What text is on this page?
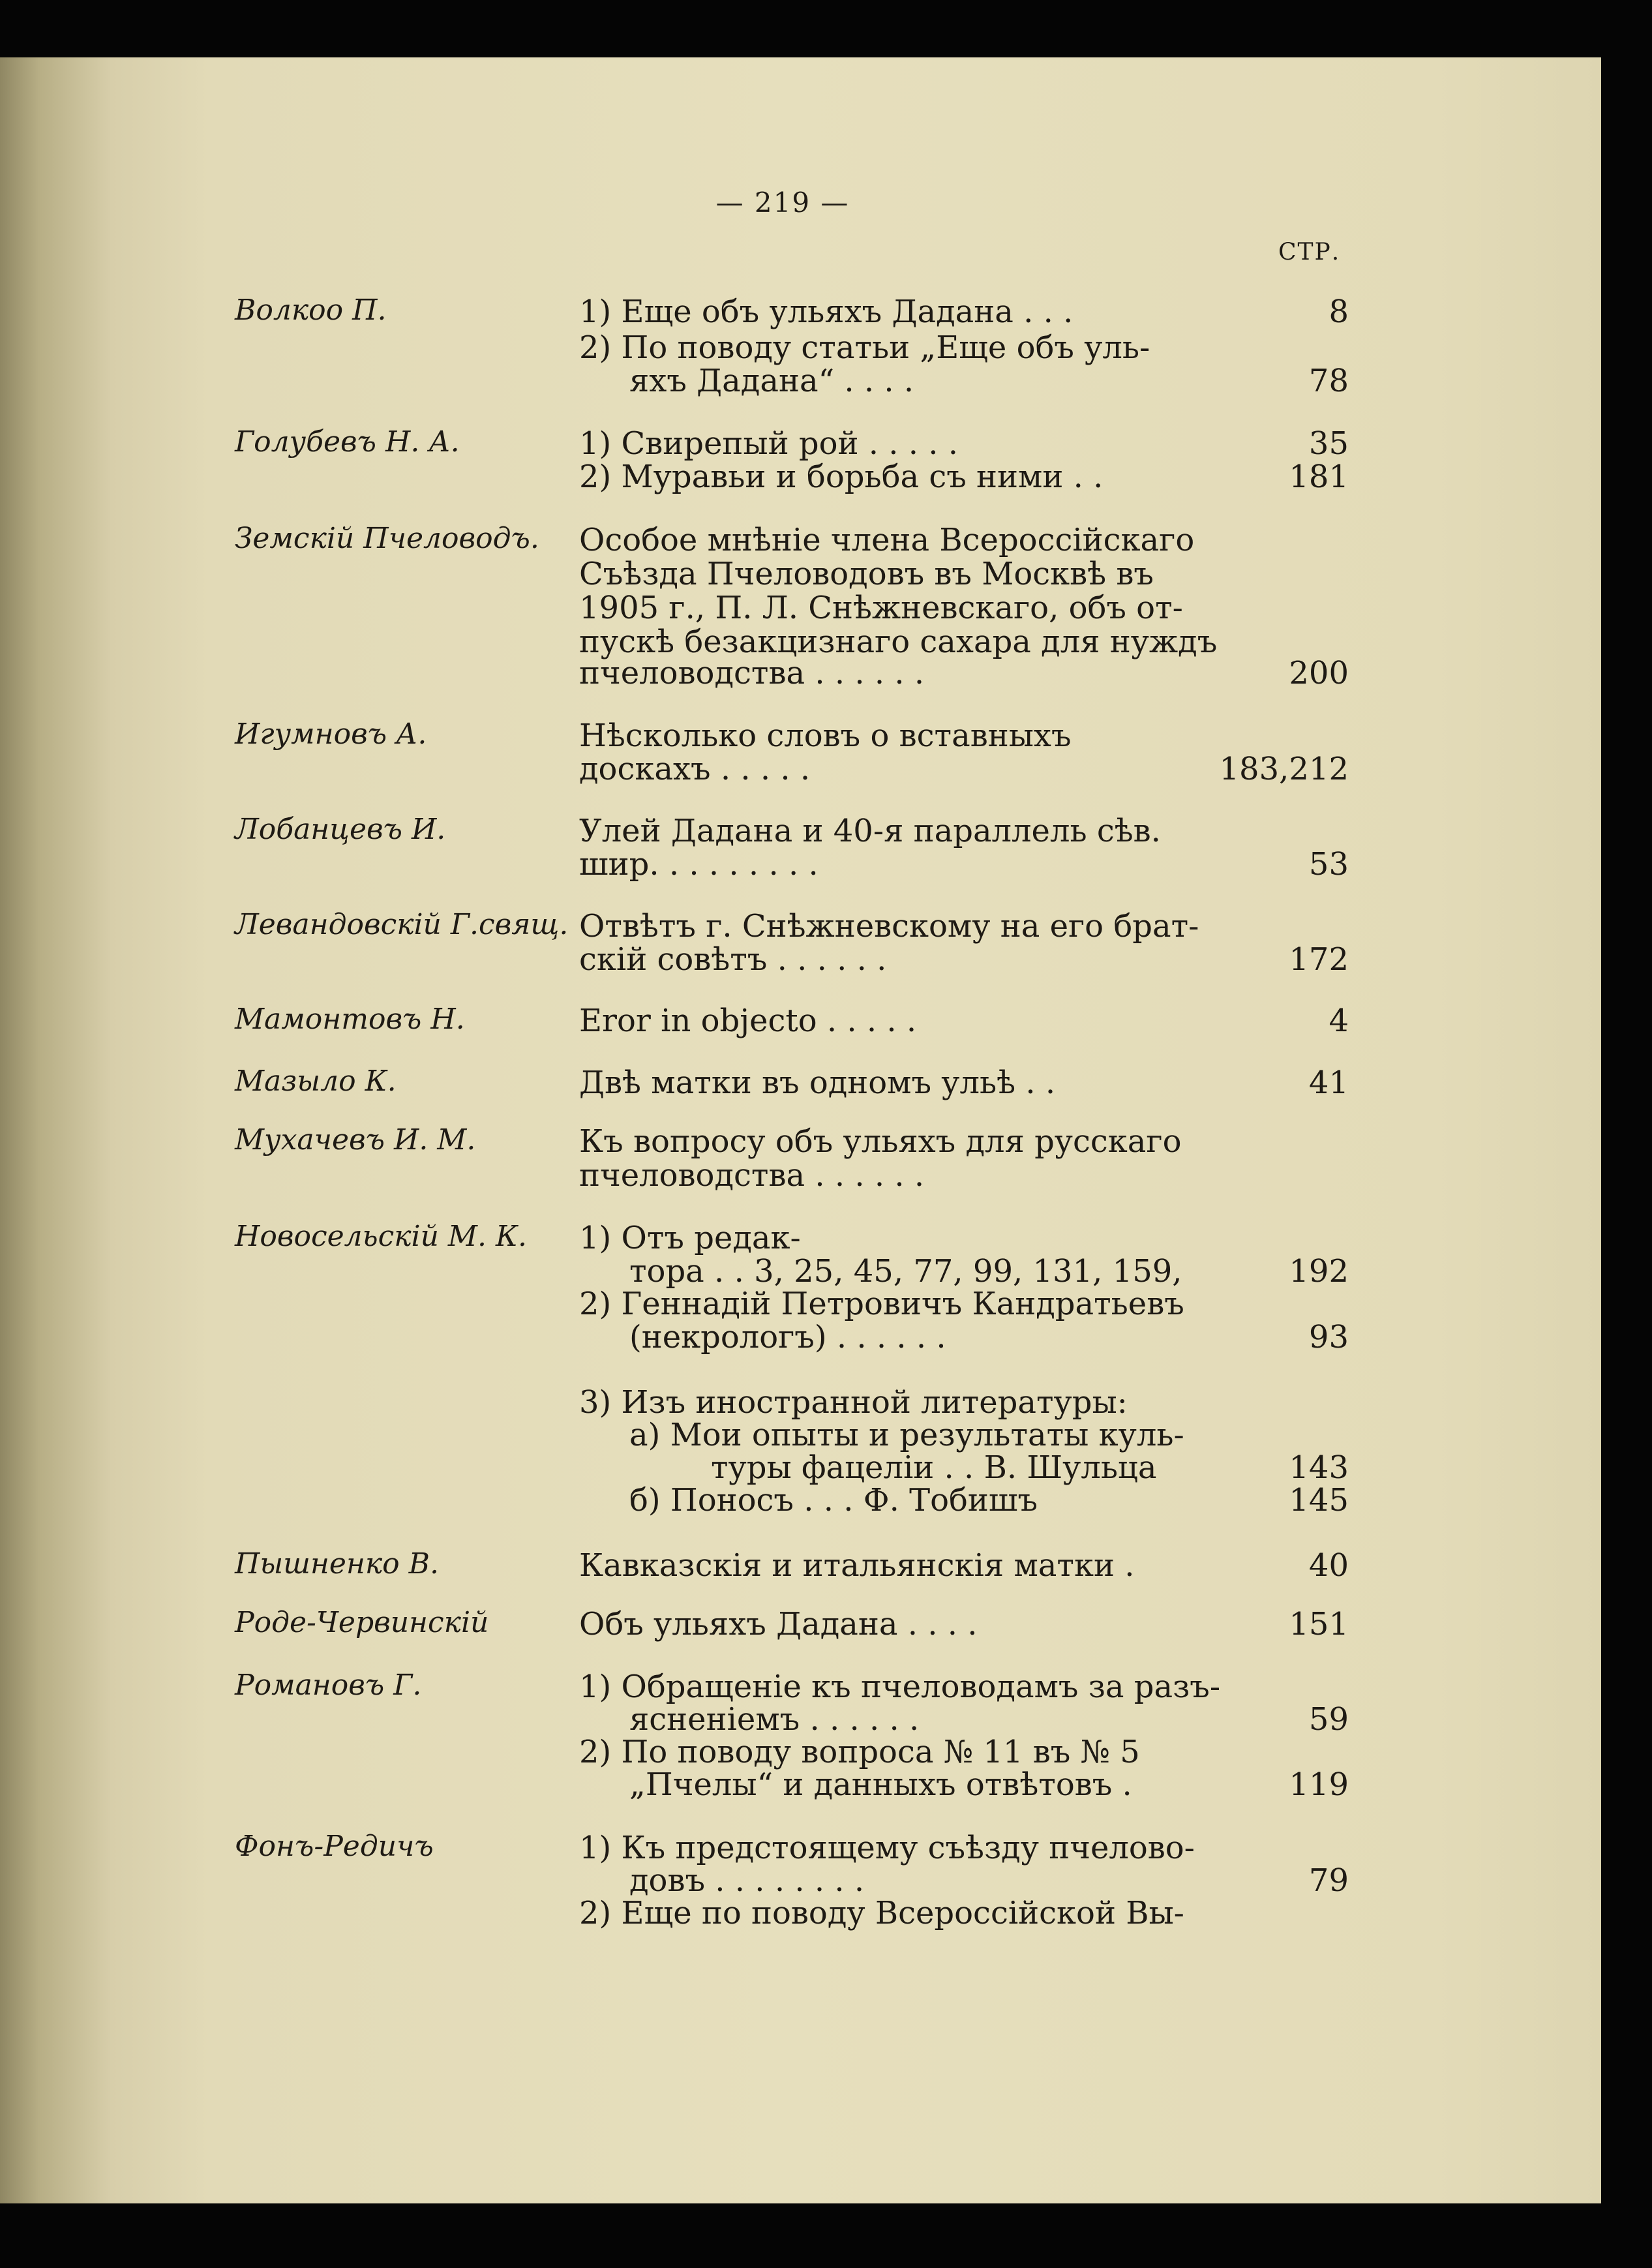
— 219 —
СТР.
Волкоо П.	1) Еще объ ульяхъ Дадана . . .	8
2) По поводу статьи „Еще объ уль-
яхъ Дадана“ . . . .	78
Голубевъ Н. А.	1) Свирепый рой . . . . .	35
2) Муравьи и борьба съ ними . .	181
Земскій Пчеловодъ.	Особое мнѣніе члена Всероссійскаго
Съѣзда Пчеловодовъ въ Москвѣ въ
1905 г., П. Л. Снѣжневскаго, объ от-
пускѣ безакцизнаго сахара для нуждъ
пчеловодства . . . . . .	200
Игумновъ А.	Нѣсколько словъ о вставныхъ
доскахъ . . . . .	183,212
Лобанцевъ И.	Улей Дадана и 40-я параллель сѣв.
шир. . . . . . . . .	53
Левандовскій Г.свящ. Отвѣтъ г. Снѣжневскому на его брат-
скій совѣтъ . . . . . .	172
Мамонтовъ Н.	Eror in objecto . . . . .	4
Мазыло К.	Двѣ матки въ одномъ ульѣ . .	41
Мухачевъ И. М.	Къ вопросу объ ульяхъ для русскаго
пчеловодства . . . . . .
Новосельскій М. К.	1) Отъ редак-
тора . . 3, 25, 45, 77, 99, 131, 159,	192
2) Геннадій Петровичъ Кандратьевъ
(некрологъ) . . . . . .	93
3) Изъ иностранной литературы:
а) Мои опыты и результаты куль-
туры фацеліи . . В. Шульца	143
б) Поносъ . . . Ф. Тобишъ	145
Пышненко В.	Кавказскія и итальянскія матки .	40
Роде-Червинскій	Объ ульяхъ Дадана . . . .	151
Романовъ Г.	1) Обращеніе къ пчеловодамъ за разъ-
ясненіемъ . . . . . .	59
2) По поводу вопроса № 11 въ № 5
„Пчелы“ и данныхъ отвѣтовъ .	119
Фонъ-Редичъ	1) Къ предстоящему съѣзду пчелово-
довъ . . . . . . . .	79
2) Еще по поводу Всероссійской Вы-
